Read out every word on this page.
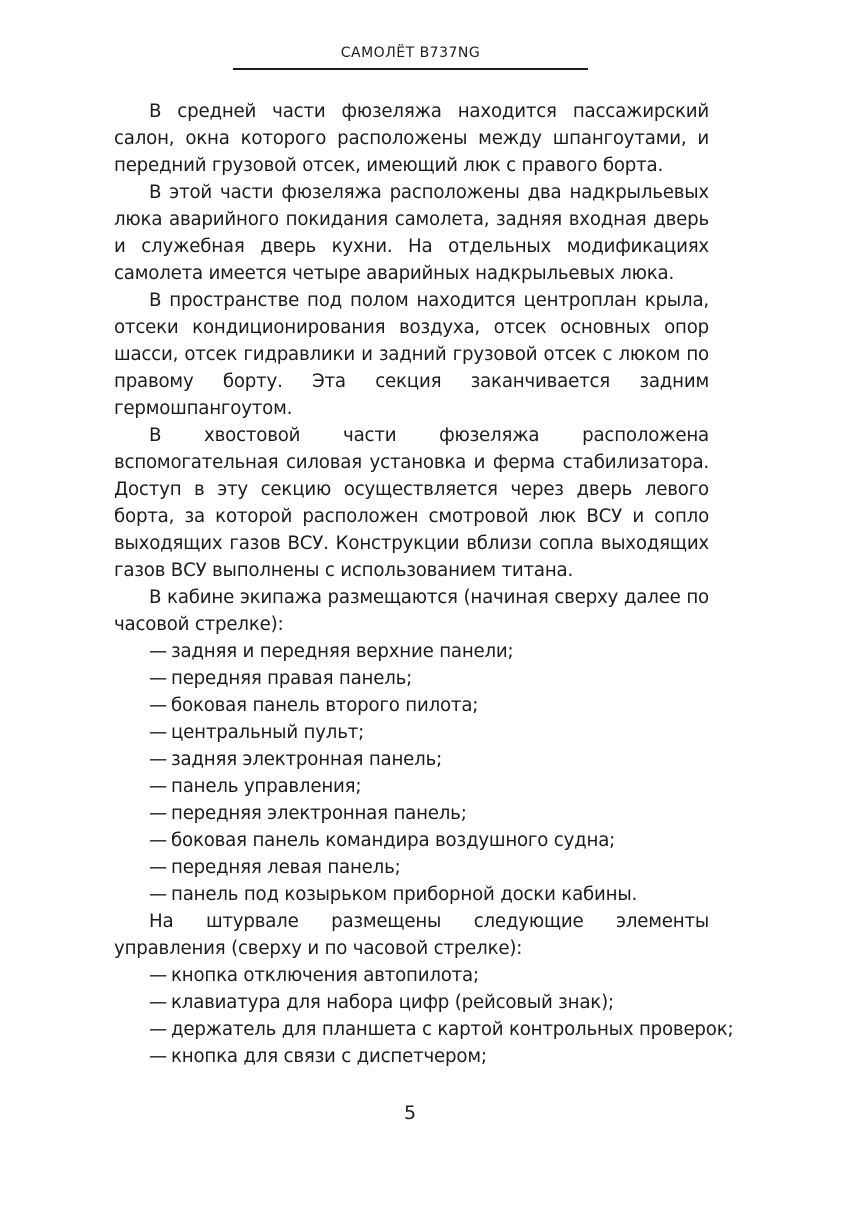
САМОЛЁТ B737NG

В средней части фюзеляжа находится пассажирский салон, окна которого расположены между шпангоутами, и передний грузовой отсек, имеющий люк с правого борта.

В этой части фюзеляжа расположены два надкрыльевых люка аварийного покидания самолета, задняя входная дверь и служебная дверь кухни. На отдельных модификациях самолета имеется четыре аварийных надкрыльевых люка.

В пространстве под полом находится центроплан крыла, отсеки кондиционирования воздуха, отсек основных опор шасси, отсек гидравлики и задний грузовой отсек с люком по правому борту. Эта секция заканчивается задним гермошпангоутом.

В хвостовой части фюзеляжа расположена вспомогательная силовая установка и ферма стабилизатора. Доступ в эту секцию осуществляется через дверь левого борта, за которой расположен смотровой люк ВСУ и сопло выходящих газов ВСУ. Конструкции вблизи сопла выходящих газов ВСУ выполнены с использованием титана.

В кабине экипажа размещаются (начиная сверху далее по часовой стрелке):

— задняя и передняя верхние панели;
— передняя правая панель;
— боковая панель второго пилота;
— центральный пульт;
— задняя электронная панель;
— панель управления;
— передняя электронная панель;
— боковая панель командира воздушного судна;
— передняя левая панель;
— панель под козырьком приборной доски кабины.

На штурвале размещены следующие элементы управления (сверху и по часовой стрелке):

— кнопка отключения автопилота;
— клавиатура для набора цифр (рейсовый знак);
— держатель для планшета с картой контрольных проверок;
— кнопка для связи с диспетчером;
5
